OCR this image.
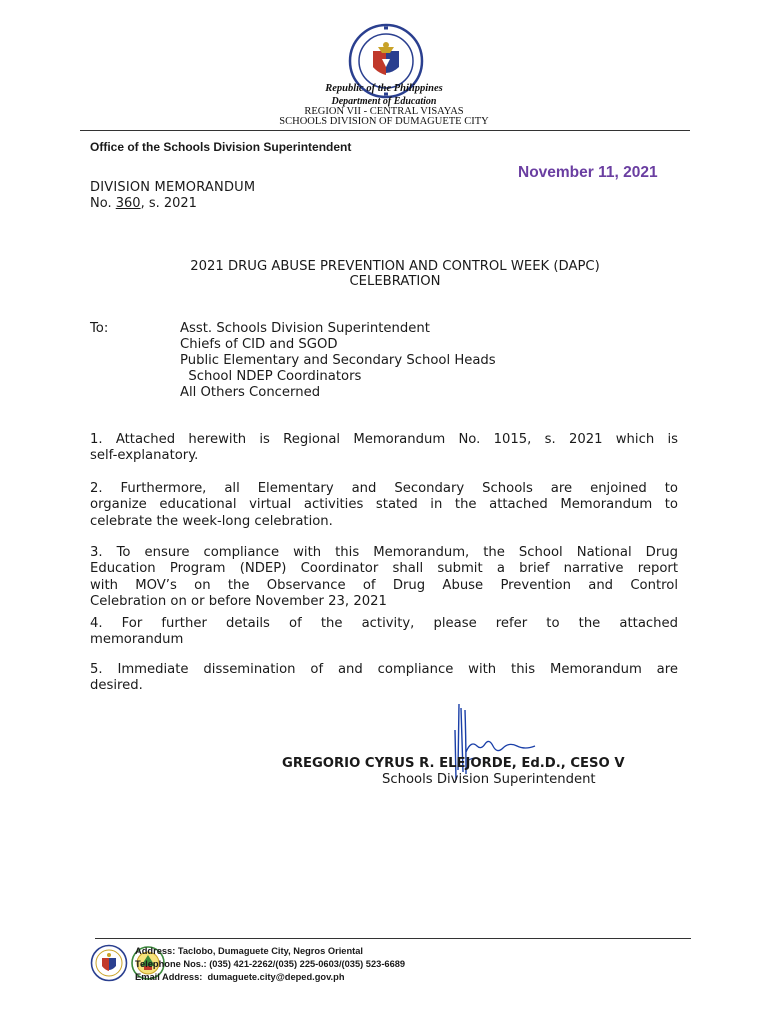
Republic of the Philippines
Department of Education
REGION VII - CENTRAL VISAYAS
SCHOOLS DIVISION OF DUMAGUETE CITY
Office of the Schools Division Superintendent
November 11, 2021
DIVISION MEMORANDUM
No. 360, s. 2021
2021 DRUG ABUSE PREVENTION AND CONTROL WEEK (DAPC)
CELEBRATION
To:	Asst. Schools Division Superintendent
Chiefs of CID and SGOD
Public Elementary and Secondary School Heads
School NDEP Coordinators
All Others Concerned
1. Attached herewith is Regional Memorandum No. 1015, s. 2021 which is
self-explanatory.
2. Furthermore, all Elementary and Secondary Schools are enjoined to
organize educational virtual activities stated in the attached Memorandum to
celebrate the week-long celebration.
3. To ensure compliance with this Memorandum, the School National Drug
Education Program (NDEP) Coordinator shall submit a brief narrative report
with MOV’s on the Observance of Drug Abuse Prevention and Control
Celebration on or before November 23, 2021
4. For further details of the activity, please refer to the attached
memorandum
5. Immediate dissemination of and compliance with this Memorandum are
desired.
GREGORIO CYRUS R. ELEJORDE, Ed.D., CESO V
Schools Division Superintendent
Address: Taclobo, Dumaguete City, Negros Oriental
Telephone Nos.: (035) 421-2262/(035) 225-0603/(035) 523-6689
Email Address:  dumaguete.city@deped.gov.ph
